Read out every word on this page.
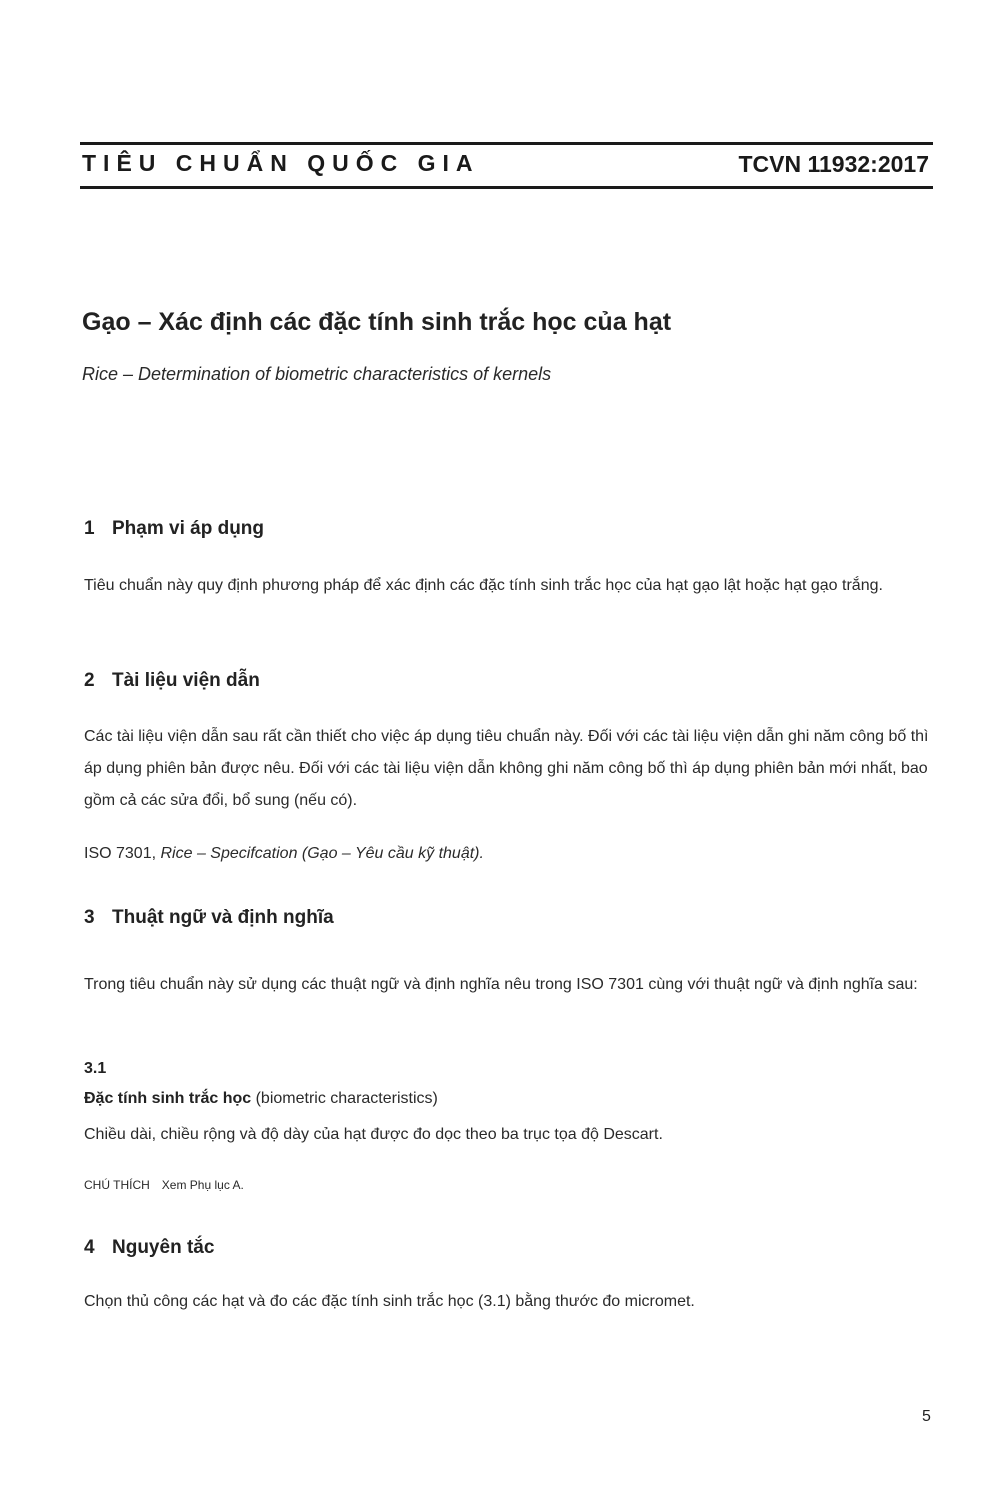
TIÊU CHUẨN QUỐC GIA	TCVN 11932:2017
Gạo – Xác định các đặc tính sinh trắc học của hạt

Rice – Determination of biometric characteristics of kernels

1 Phạm vi áp dụng

Tiêu chuẩn này quy định phương pháp để xác định các đặc tính sinh trắc học của hạt gạo lật hoặc hạt gạo trắng.

2 Tài liệu viện dẫn

Các tài liệu viện dẫn sau rất cần thiết cho việc áp dụng tiêu chuẩn này. Đối với các tài liệu viện dẫn ghi năm công bố thì áp dụng phiên bản được nêu. Đối với các tài liệu viện dẫn không ghi năm công bố thì áp dụng phiên bản mới nhất, bao gồm cả các sửa đổi, bổ sung (nếu có).

ISO 7301, Rice – Specifcation (Gạo – Yêu cầu kỹ thuật).

3 Thuật ngữ và định nghĩa

Trong tiêu chuẩn này sử dụng các thuật ngữ và định nghĩa nêu trong ISO 7301 cùng với thuật ngữ và định nghĩa sau:

3.1

Đặc tính sinh trắc học (biometric characteristics)

Chiều dài, chiều rộng và độ dày của hạt được đo dọc theo ba trục tọa độ Descart.

CHÚ THÍCH Xem Phụ lục A.

4 Nguyên tắc

Chọn thủ công các hạt và đo các đặc tính sinh trắc học (3.1) bằng thước đo micromet.

5
